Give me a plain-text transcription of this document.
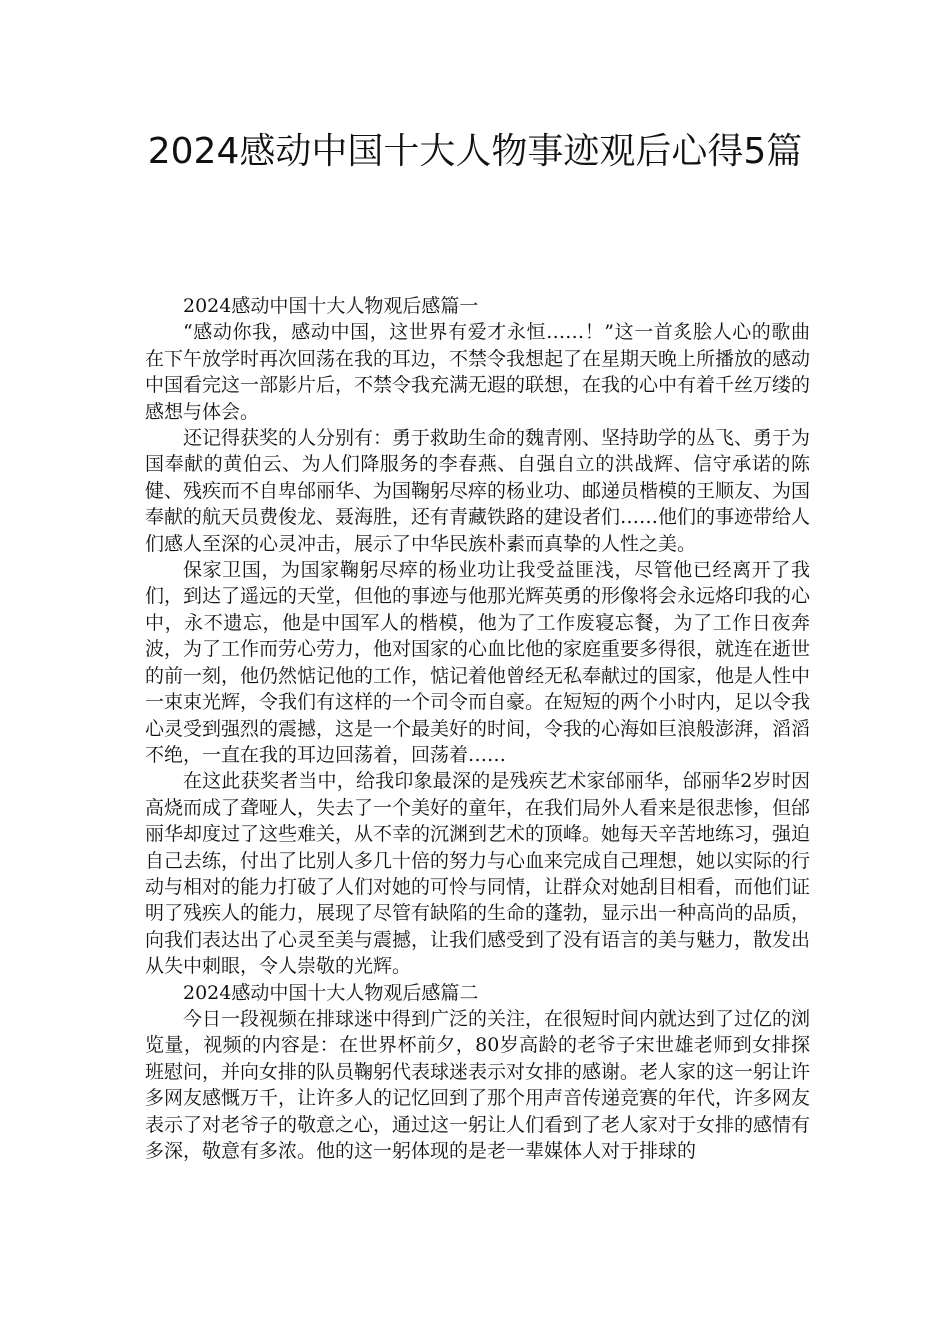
2024感动中国十大人物事迹观后心得5篇

2024感动中国十大人物观后感篇一

“感动你我，感动中国，这世界有爱才永恒……！”这一首炙脍人心的歌曲在下午放学时再次回荡在我的耳边，不禁令我想起了在星期天晚上所播放的感动中国看完这一部影片后，不禁令我充满无遐的联想，在我的心中有着千丝万缕的感想与体会。

还记得获奖的人分别有：勇于救助生命的魏青刚、坚持助学的丛飞、勇于为国奉献的黄伯云、为人们降服务的李春燕、自强自立的洪战辉、信守承诺的陈健、残疾而不自卑邰丽华、为国鞠躬尽瘁的杨业功、邮递员楷模的王顺友、为国奉献的航天员费俊龙、聂海胜，还有青藏铁路的建设者们……他们的事迹带给人们感人至深的心灵冲击，展示了中华民族朴素而真挚的人性之美。

保家卫国，为国家鞠躬尽瘁的杨业功让我受益匪浅，尽管他已经离开了我们，到达了遥远的天堂，但他的事迹与他那光辉英勇的形像将会永远烙印我的心中，永不遗忘，他是中国军人的楷模，他为了工作废寝忘餐，为了工作日夜奔波，为了工作而劳心劳力，他对国家的心血比他的家庭重要多得很，就连在逝世的前一刻，他仍然惦记他的工作，惦记着他曾经无私奉献过的国家，他是人性中一束束光辉，令我们有这样的一个司令而自豪。在短短的两个小时内，足以令我心灵受到强烈的震撼，这是一个最美好的时间，令我的心海如巨浪般澎湃，滔滔不绝，一直在我的耳边回荡着，回荡着……

在这此获奖者当中，给我印象最深的是残疾艺术家邰丽华，邰丽华2岁时因高烧而成了聋哑人，失去了一个美好的童年，在我们局外人看来是很悲惨，但邰丽华却度过了这些难关，从不幸的沉渊到艺术的顶峰。她每天辛苦地练习，强迫自己去练，付出了比别人多几十倍的努力与心血来完成自己理想，她以实际的行动与相对的能力打破了人们对她的可怜与同情，让群众对她刮目相看，而他们证明了残疾人的能力，展现了尽管有缺陷的生命的蓬勃，显示出一种高尚的品质，向我们表达出了心灵至美与震撼，让我们感受到了没有语言的美与魅力，散发出从失中刺眼，令人崇敬的光辉。

2024感动中国十大人物观后感篇二

今日一段视频在排球迷中得到广泛的关注，在很短时间内就达到了过亿的浏览量，视频的内容是：在世界杯前夕，80岁高龄的老爷子宋世雄老师到女排探班慰问，并向女排的队员鞠躬代表球迷表示对女排的感谢。老人家的这一躬让许多网友感慨万千，让许多人的记忆回到了那个用声音传递竞赛的年代，许多网友表示了对老爷子的敬意之心，通过这一躬让人们看到了老人家对于女排的感情有多深，敬意有多浓。他的这一躬体现的是老一辈媒体人对于排球的
